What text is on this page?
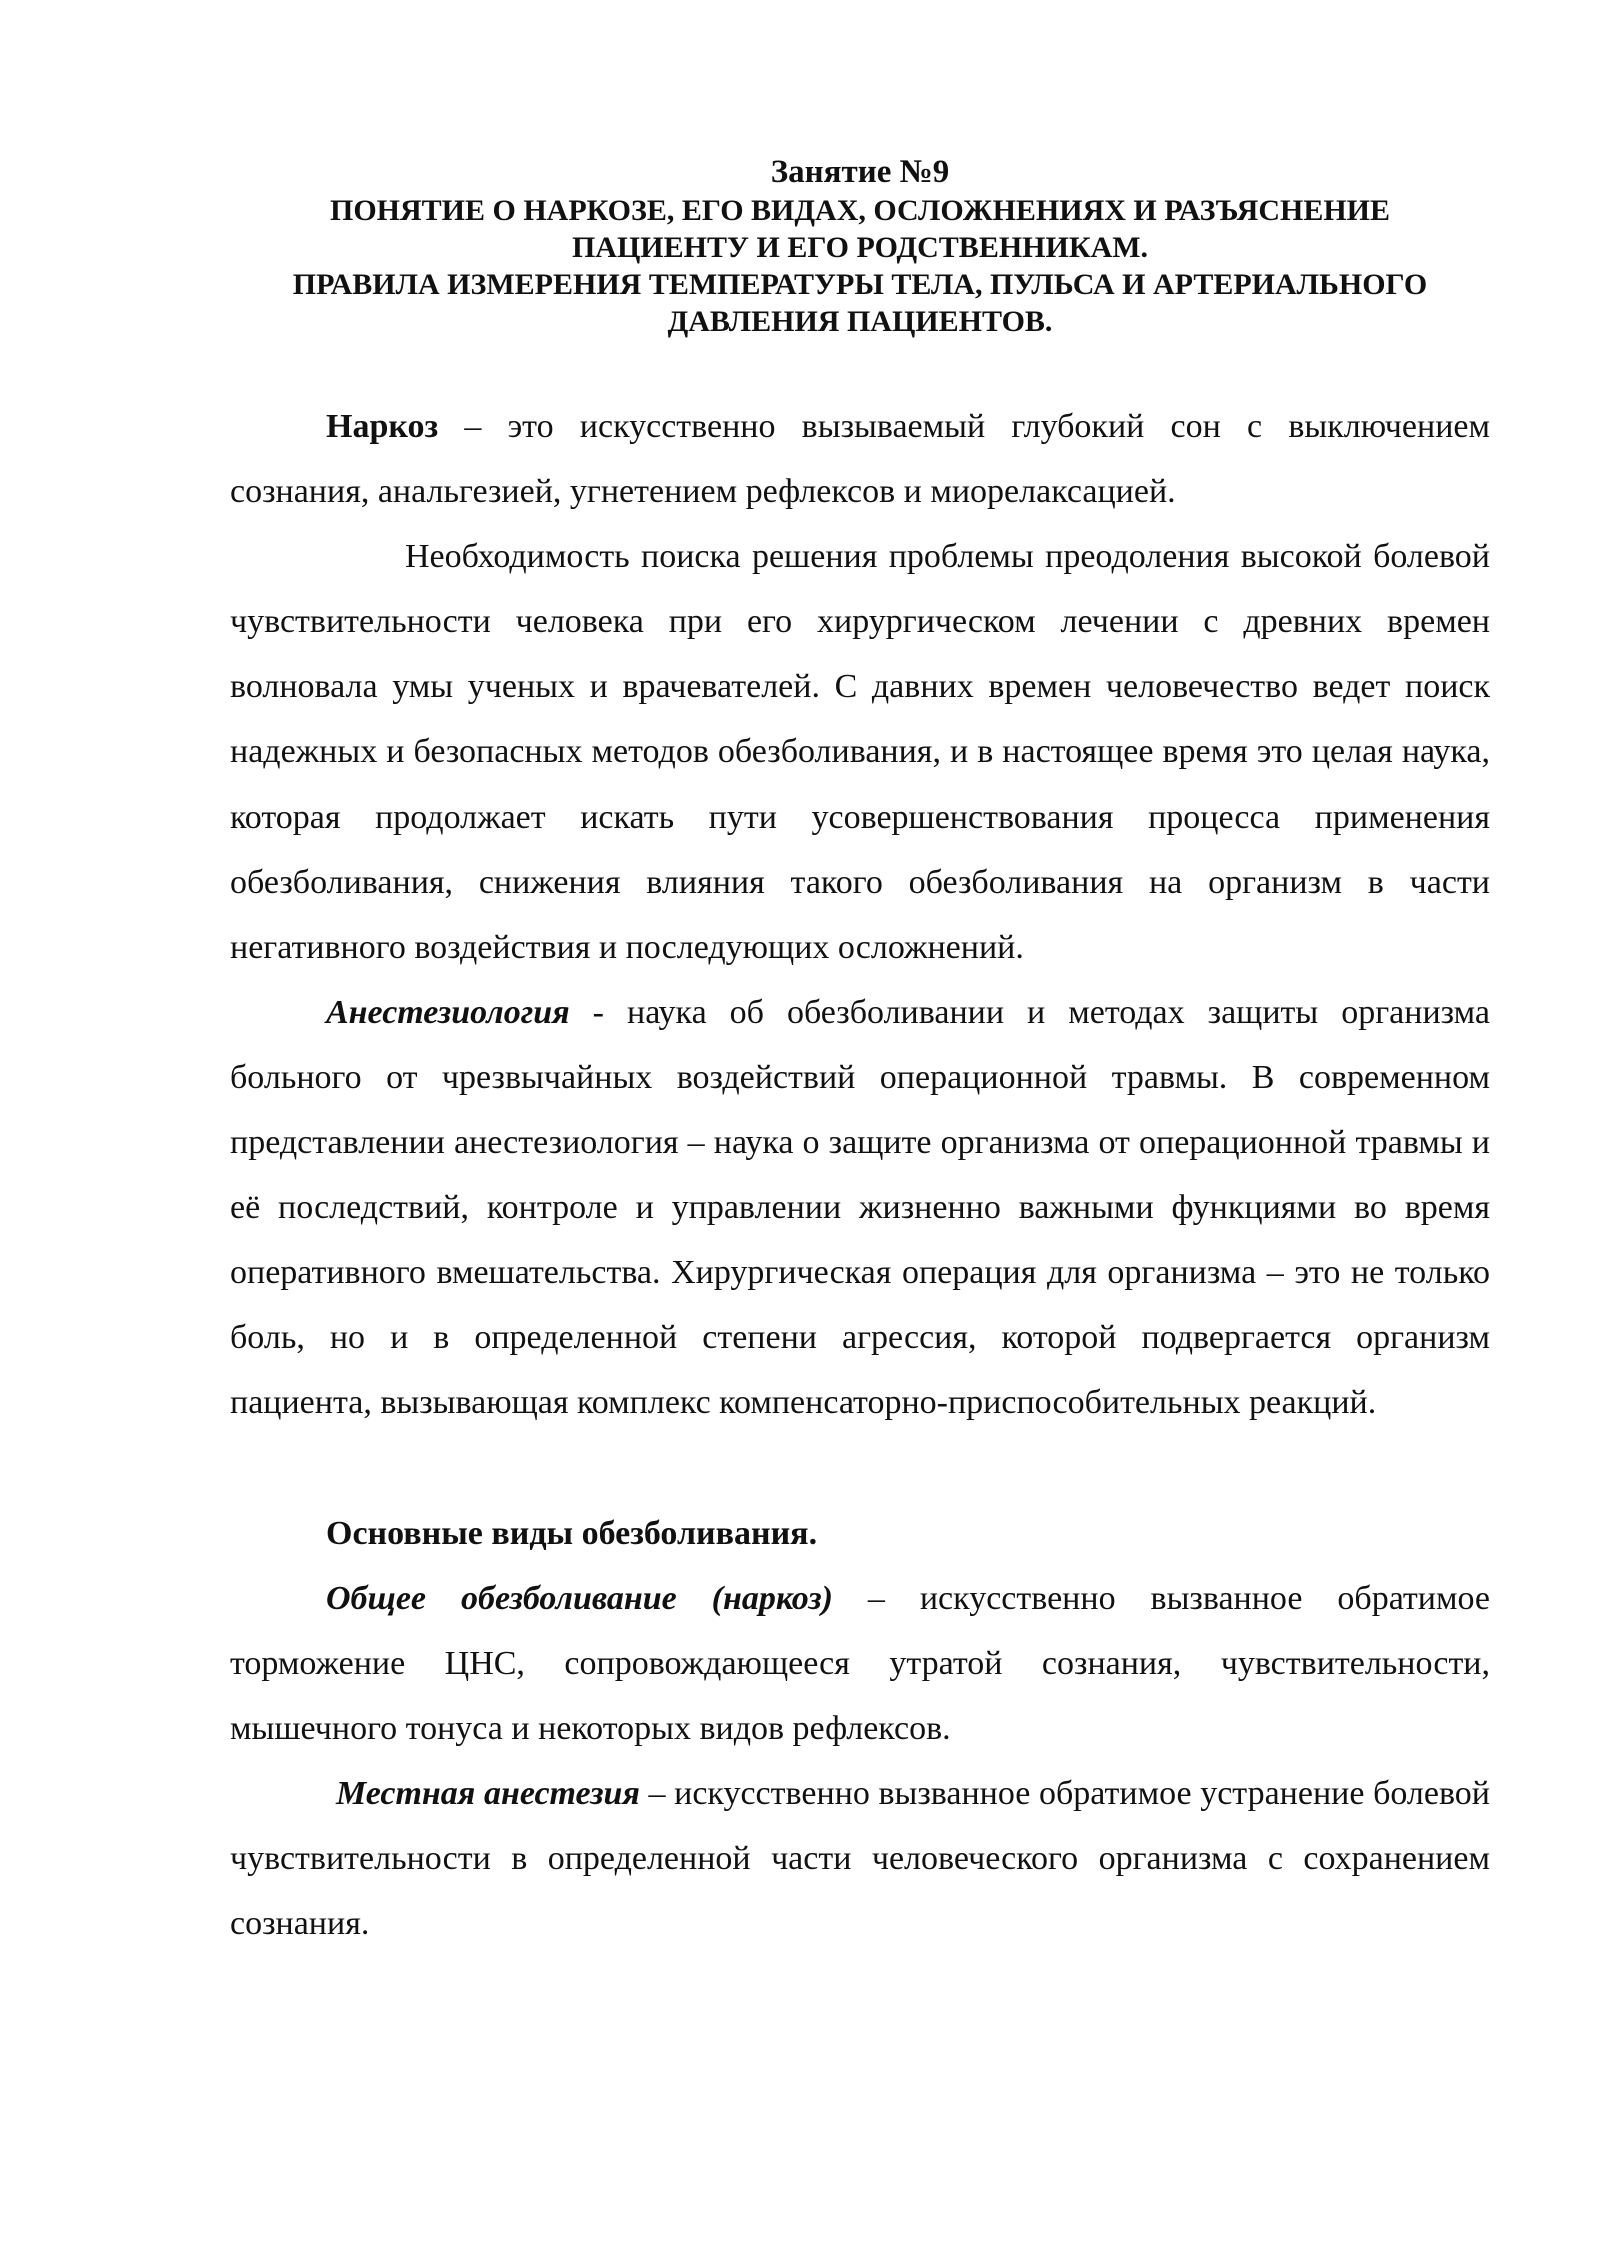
Занятие №9
ПОНЯТИЕ О НАРКОЗЕ, ЕГО ВИДАХ, ОСЛОЖНЕНИЯХ И РАЗЪЯСНЕНИЕ
ПАЦИЕНТУ И ЕГО РОДСТВЕННИКАМ.
ПРАВИЛА ИЗМЕРЕНИЯ ТЕМПЕРАТУРЫ ТЕЛА, ПУЛЬСА И АРТЕРИАЛЬНОГО
ДАВЛЕНИЯ ПАЦИЕНТОВ.

Наркоз – это искусственно вызываемый глубокий сон с выключением сознания, анальгезией, угнетением рефлексов и миорелаксацией.

Необходимость поиска решения проблемы преодоления высокой болевой чувствительности человека при его хирургическом лечении с древних времен волновала умы ученых и врачевателей. С давних времен человечество ведет поиск надежных и безопасных методов обезболивания, и в настоящее время это целая наука, которая продолжает искать пути усовершенствования процесса применения обезболивания, снижения влияния такого обезболивания на организм в части негативного воздействия и последующих осложнений.

Анестезиология - наука об обезболивании и методах защиты организма больного от чрезвычайных воздействий операционной травмы. В современном представлении анестезиология – наука о защите организма от операционной травмы и её последствий, контроле и управлении жизненно важными функциями во время оперативного вмешательства. Хирургическая операция для организма – это не только боль, но и в определенной степени агрессия, которой подвергается организм пациента, вызывающая комплекс компенсаторно-приспособительных реакций.

Основные виды обезболивания.

Общее обезболивание (наркоз) – искусственно вызванное обратимое торможение ЦНС, сопровождающееся утратой сознания, чувствительности, мышечного тонуса и некоторых видов рефлексов.

Местная анестезия – искусственно вызванное обратимое устранение болевой чувствительности в определенной части человеческого организма с сохранением сознания.
